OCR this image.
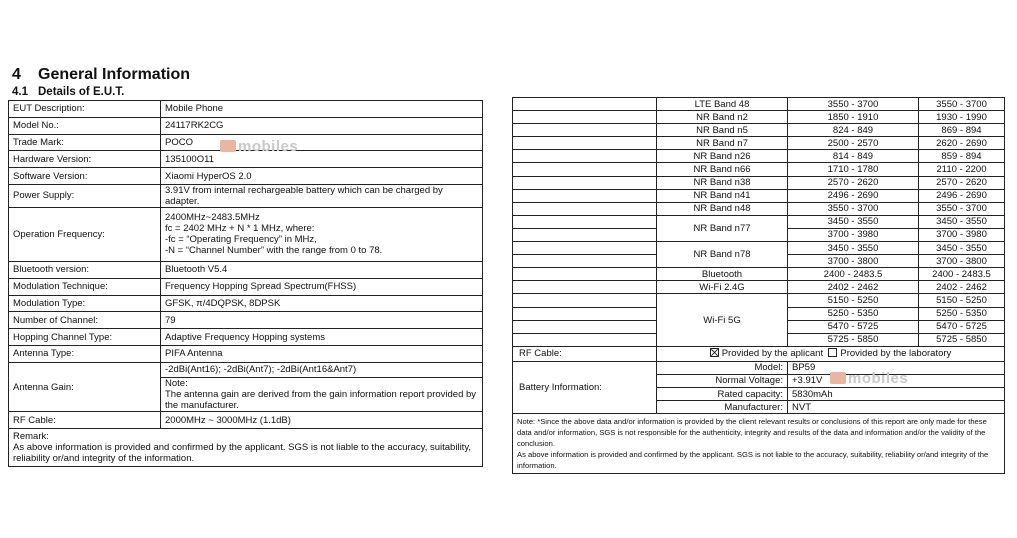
4 General Information
4.1 Details of E.U.T.
EUT Description:	Mobile Phone
Model No.:	24117RK2CG
Trade Mark:	POCO
Hardware Version:	135100O11
Software Version:	Xiaomi HyperOS 2.0
Power Supply:	3.91V from internal rechargeable battery which can be charged by adapter.
Operation Frequency:	2400MHz~2483.5MHz
fc = 2402 MHz + N * 1 MHz, where:
-fc = “Operating Frequency” in MHz,
-N = “Channel Number” with the range from 0 to 78.

Bluetooth version:	Bluetooth V5.4
Modulation Technique:	Frequency Hopping Spread Spectrum(FHSS)
Modulation Type:	GFSK, π/4DQPSK, 8DPSK
Number of Channel:	79
Hopping Channel Type:	Adaptive Frequency Hopping systems
Antenna Type:	PIFA Antenna
Antenna Gain:	-2dBi(Ant16); -2dBi(Ant7); -2dBi(Ant16&Ant7)
	Note:
	The antenna gain are derived from the gain information report provided by the manufacturer.
RF Cable:	2000MHz ~ 3000MHz (1.1dB)

Remark:
As above information is provided and confirmed by the applicant. SGS is not liable to the accuracy, suitability, reliability or/and integrity of the information.	
	LTE Band 48	3550 - 3700	3550 - 3700
	NR Band n2	1850 - 1910	1930 - 1990
	NR Band n5	824 - 849	869 - 894
	NR Band n7	2500 - 2570	2620 - 2690
	NR Band n26	814 - 849	859 - 894
	NR Band n66	1710 - 1780	2110 - 2200
	NR Band n38	2570 - 2620	2570 - 2620
	NR Band n41	2496 - 2690	2496 - 2690
	NR Band n48	3550 - 3700	3550 - 3700
	NR Band n77	3450 - 3550	3450 - 3550
		3700 - 3980	3700 - 3980
	NR Band n78	3450 - 3550	3450 - 3550
		3700 - 3800	3700 - 3800
	Bluetooth	2400 - 2483.5	2400 - 2483.5
	Wi-Fi 2.4G	2402 - 2462	2402 - 2462
	Wi-Fi 5G	5150 - 5250	5150 - 5250
		5250 - 5350	5250 - 5350
		5470 - 5725	5470 - 5725
		5725 - 5850	5725 - 5850
RF Cable:	Provided by the aplicant Provided by the laboratory		
Battery Information:	Model:	BP59	
	Normal Voltage:	+3.91V	
	Rated capacity:	5830mAh	
	Manufacturer:	NVT	

Note: *Since the above data and/or information is provided by the client relevant results or conclusions of this report are only made for these data and/or information, SGS is not responsible for the authenticity, integrity and results of the data and information and/or the validity of the conclusion.
As above information is provided and confirmed by the applicant. SGS is not liable to the accuracy, suitability, reliability or/and integrity of the information.			
mobiles
mobiles
